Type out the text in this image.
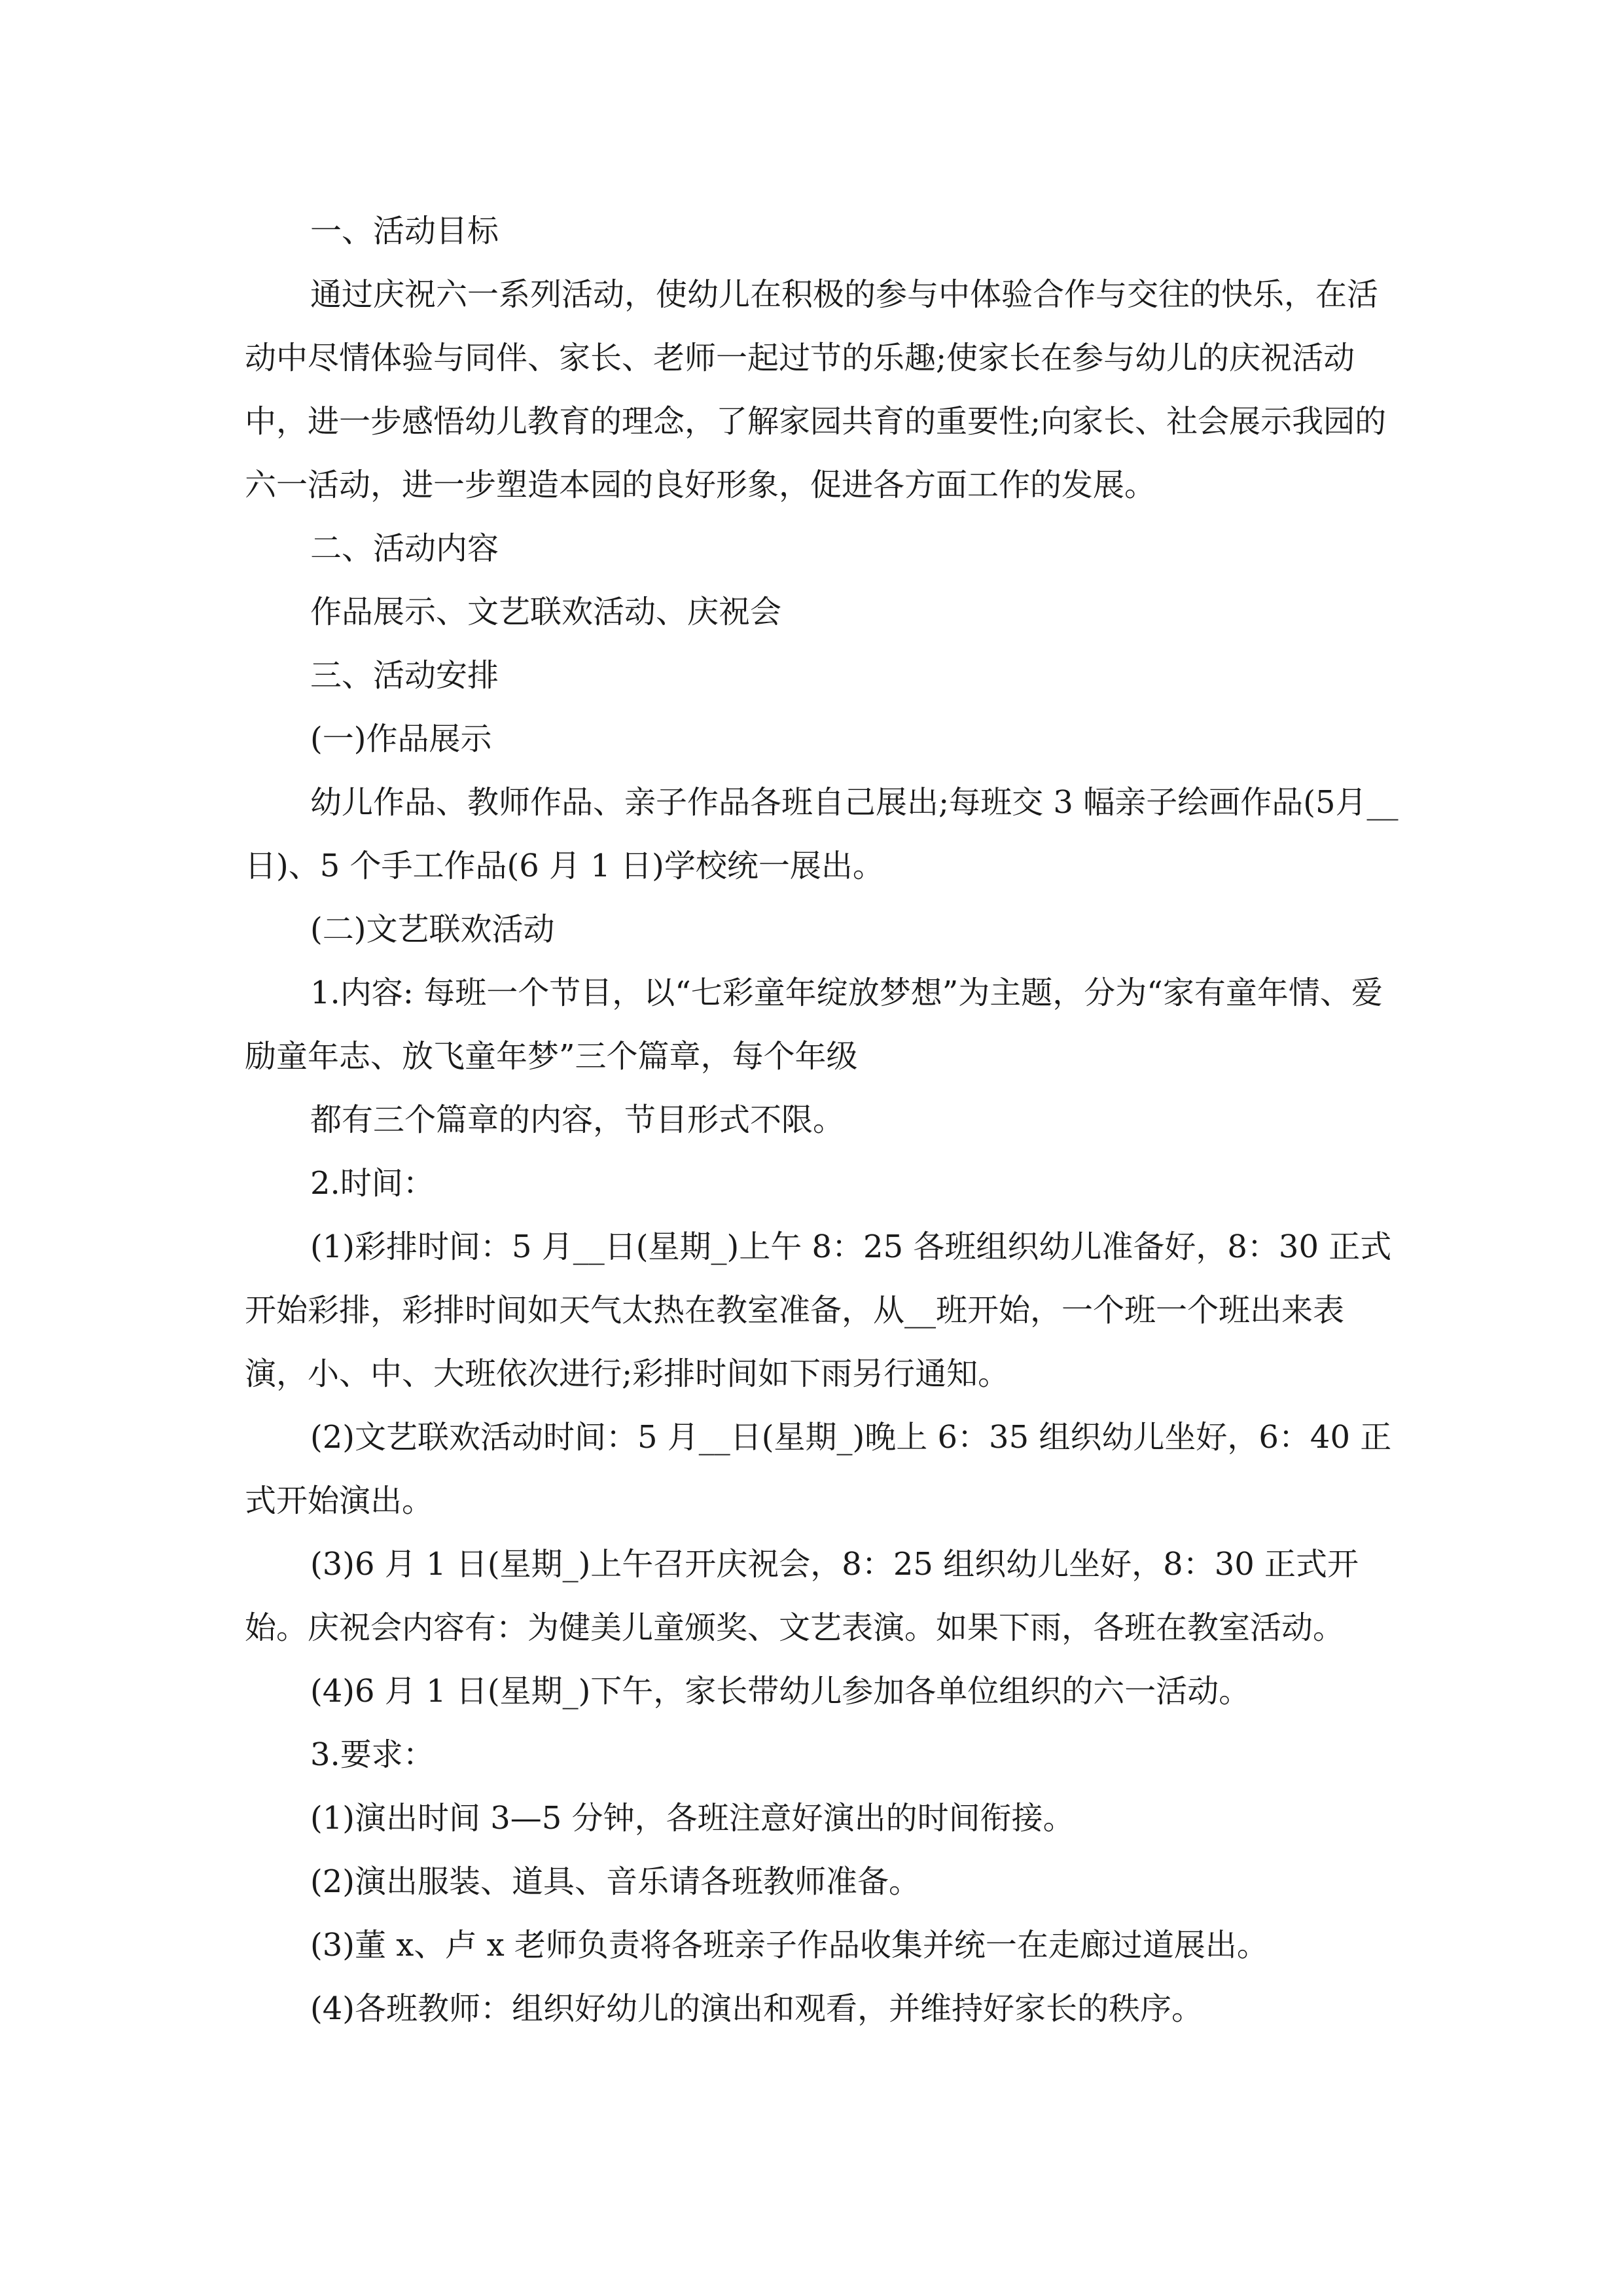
一、活动目标

通过庆祝六一系列活动，使幼儿在积极的参与中体验合作与交往的快乐，在活动中尽情体验与同伴、家长、老师一起过节的乐趣;使家长在参与幼儿的庆祝活动中，进一步感悟幼儿教育的理念，了解家园共育的重要性;向家长、社会展示我园的六一活动，进一步塑造本园的良好形象，促进各方面工作的发展。

二、活动内容

作品展示、文艺联欢活动、庆祝会

三、活动安排

(一)作品展示

幼儿作品、教师作品、亲子作品各班自己展出;每班交 3 幅亲子绘画作品(5月__日)、5 个手工作品(6 月 1 日)学校统一展出。

(二)文艺联欢活动

1.内容: 每班一个节目，以“七彩童年绽放梦想”为主题，分为“家有童年情、爱励童年志、放飞童年梦”三个篇章，每个年级

都有三个篇章的内容，节目形式不限。

2.时间：

(1)彩排时间：5 月__日(星期_)上午 8：25 各班组织幼儿准备好，8：30 正式开始彩排，彩排时间如天气太热在教室准备，从__班开始，一个班一个班出来表演，小、中、大班依次进行;彩排时间如下雨另行通知。

(2)文艺联欢活动时间：5 月__日(星期_)晚上 6：35 组织幼儿坐好，6：40 正式开始演出。

(3)6 月 1 日(星期_)上午召开庆祝会，8：25 组织幼儿坐好，8：30 正式开始。庆祝会内容有：为健美儿童颁奖、文艺表演。如果下雨，各班在教室活动。

(4)6 月 1 日(星期_)下午，家长带幼儿参加各单位组织的六一活动。

3.要求：

(1)演出时间 3—5 分钟，各班注意好演出的时间衔接。

(2)演出服装、道具、音乐请各班教师准备。

(3)董 x、卢 x 老师负责将各班亲子作品收集并统一在走廊过道展出。

(4)各班教师：组织好幼儿的演出和观看，并维持好家长的秩序。
